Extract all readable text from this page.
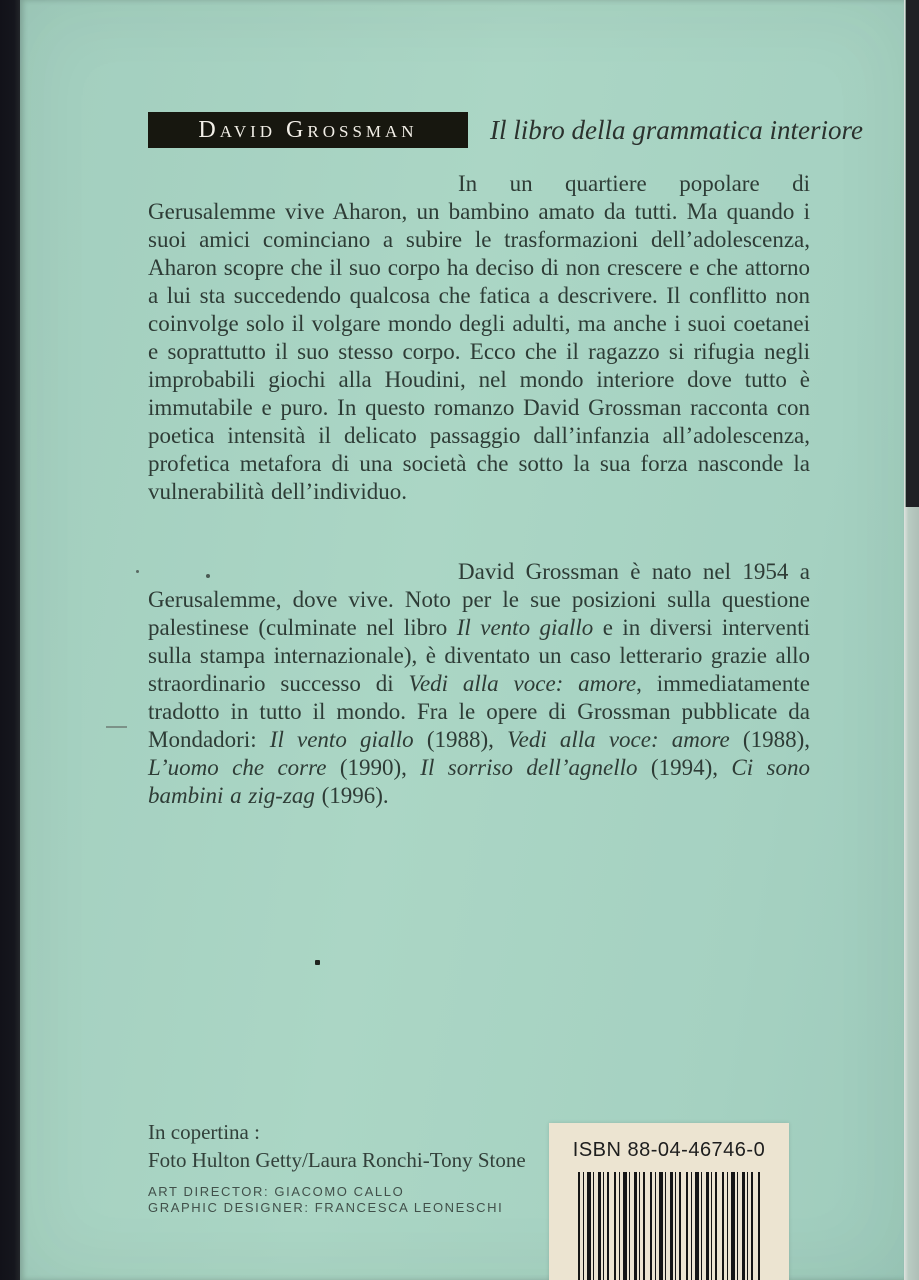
David Grossman	Il libro della grammatica interiore

In un quartiere popolare di Gerusalemme vive Aharon, un bambino amato da tutti. Ma quando i suoi amici cominciano a subire le trasformazioni dell’adolescenza, Aharon scopre che il suo corpo ha deciso di non crescere e che attorno a lui sta succedendo qualcosa che fatica a descrivere. Il conflitto non coinvolge solo il volgare mondo degli adulti, ma anche i suoi coetanei e soprattutto il suo stesso corpo. Ecco che il ragazzo si rifugia negli improbabili giochi alla Houdini, nel mondo interiore dove tutto è immutabile e puro. In questo romanzo David Grossman racconta con poetica intensità il delicato passaggio dall’infanzia all’adolescenza, profetica metafora di una società che sotto la sua forza nasconde la vulnerabilità dell’individuo.

David Grossman è nato nel 1954 a Gerusalemme, dove vive. Noto per le sue posizioni sulla questione palestinese (culminate nel libro Il vento giallo e in diversi interventi sulla stampa internazionale), è diventato un caso letterario grazie allo straordinario successo di Vedi alla voce: amore, immediatamente tradotto in tutto il mondo. Fra le opere di Grossman pubblicate da Mondadori: Il vento giallo (1988), Vedi alla voce: amore (1988), L’uomo che corre (1990), Il sorriso dell’agnello (1994), Ci sono bambini a zig-zag (1996).

In copertina :
Foto Hulton Getty/Laura Ronchi-Tony Stone
ART DIRECTOR: GIACOMO CALLO
GRAPHIC DESIGNER: FRANCESCA LEONESCHI
ISBN 88-04-46746-0
